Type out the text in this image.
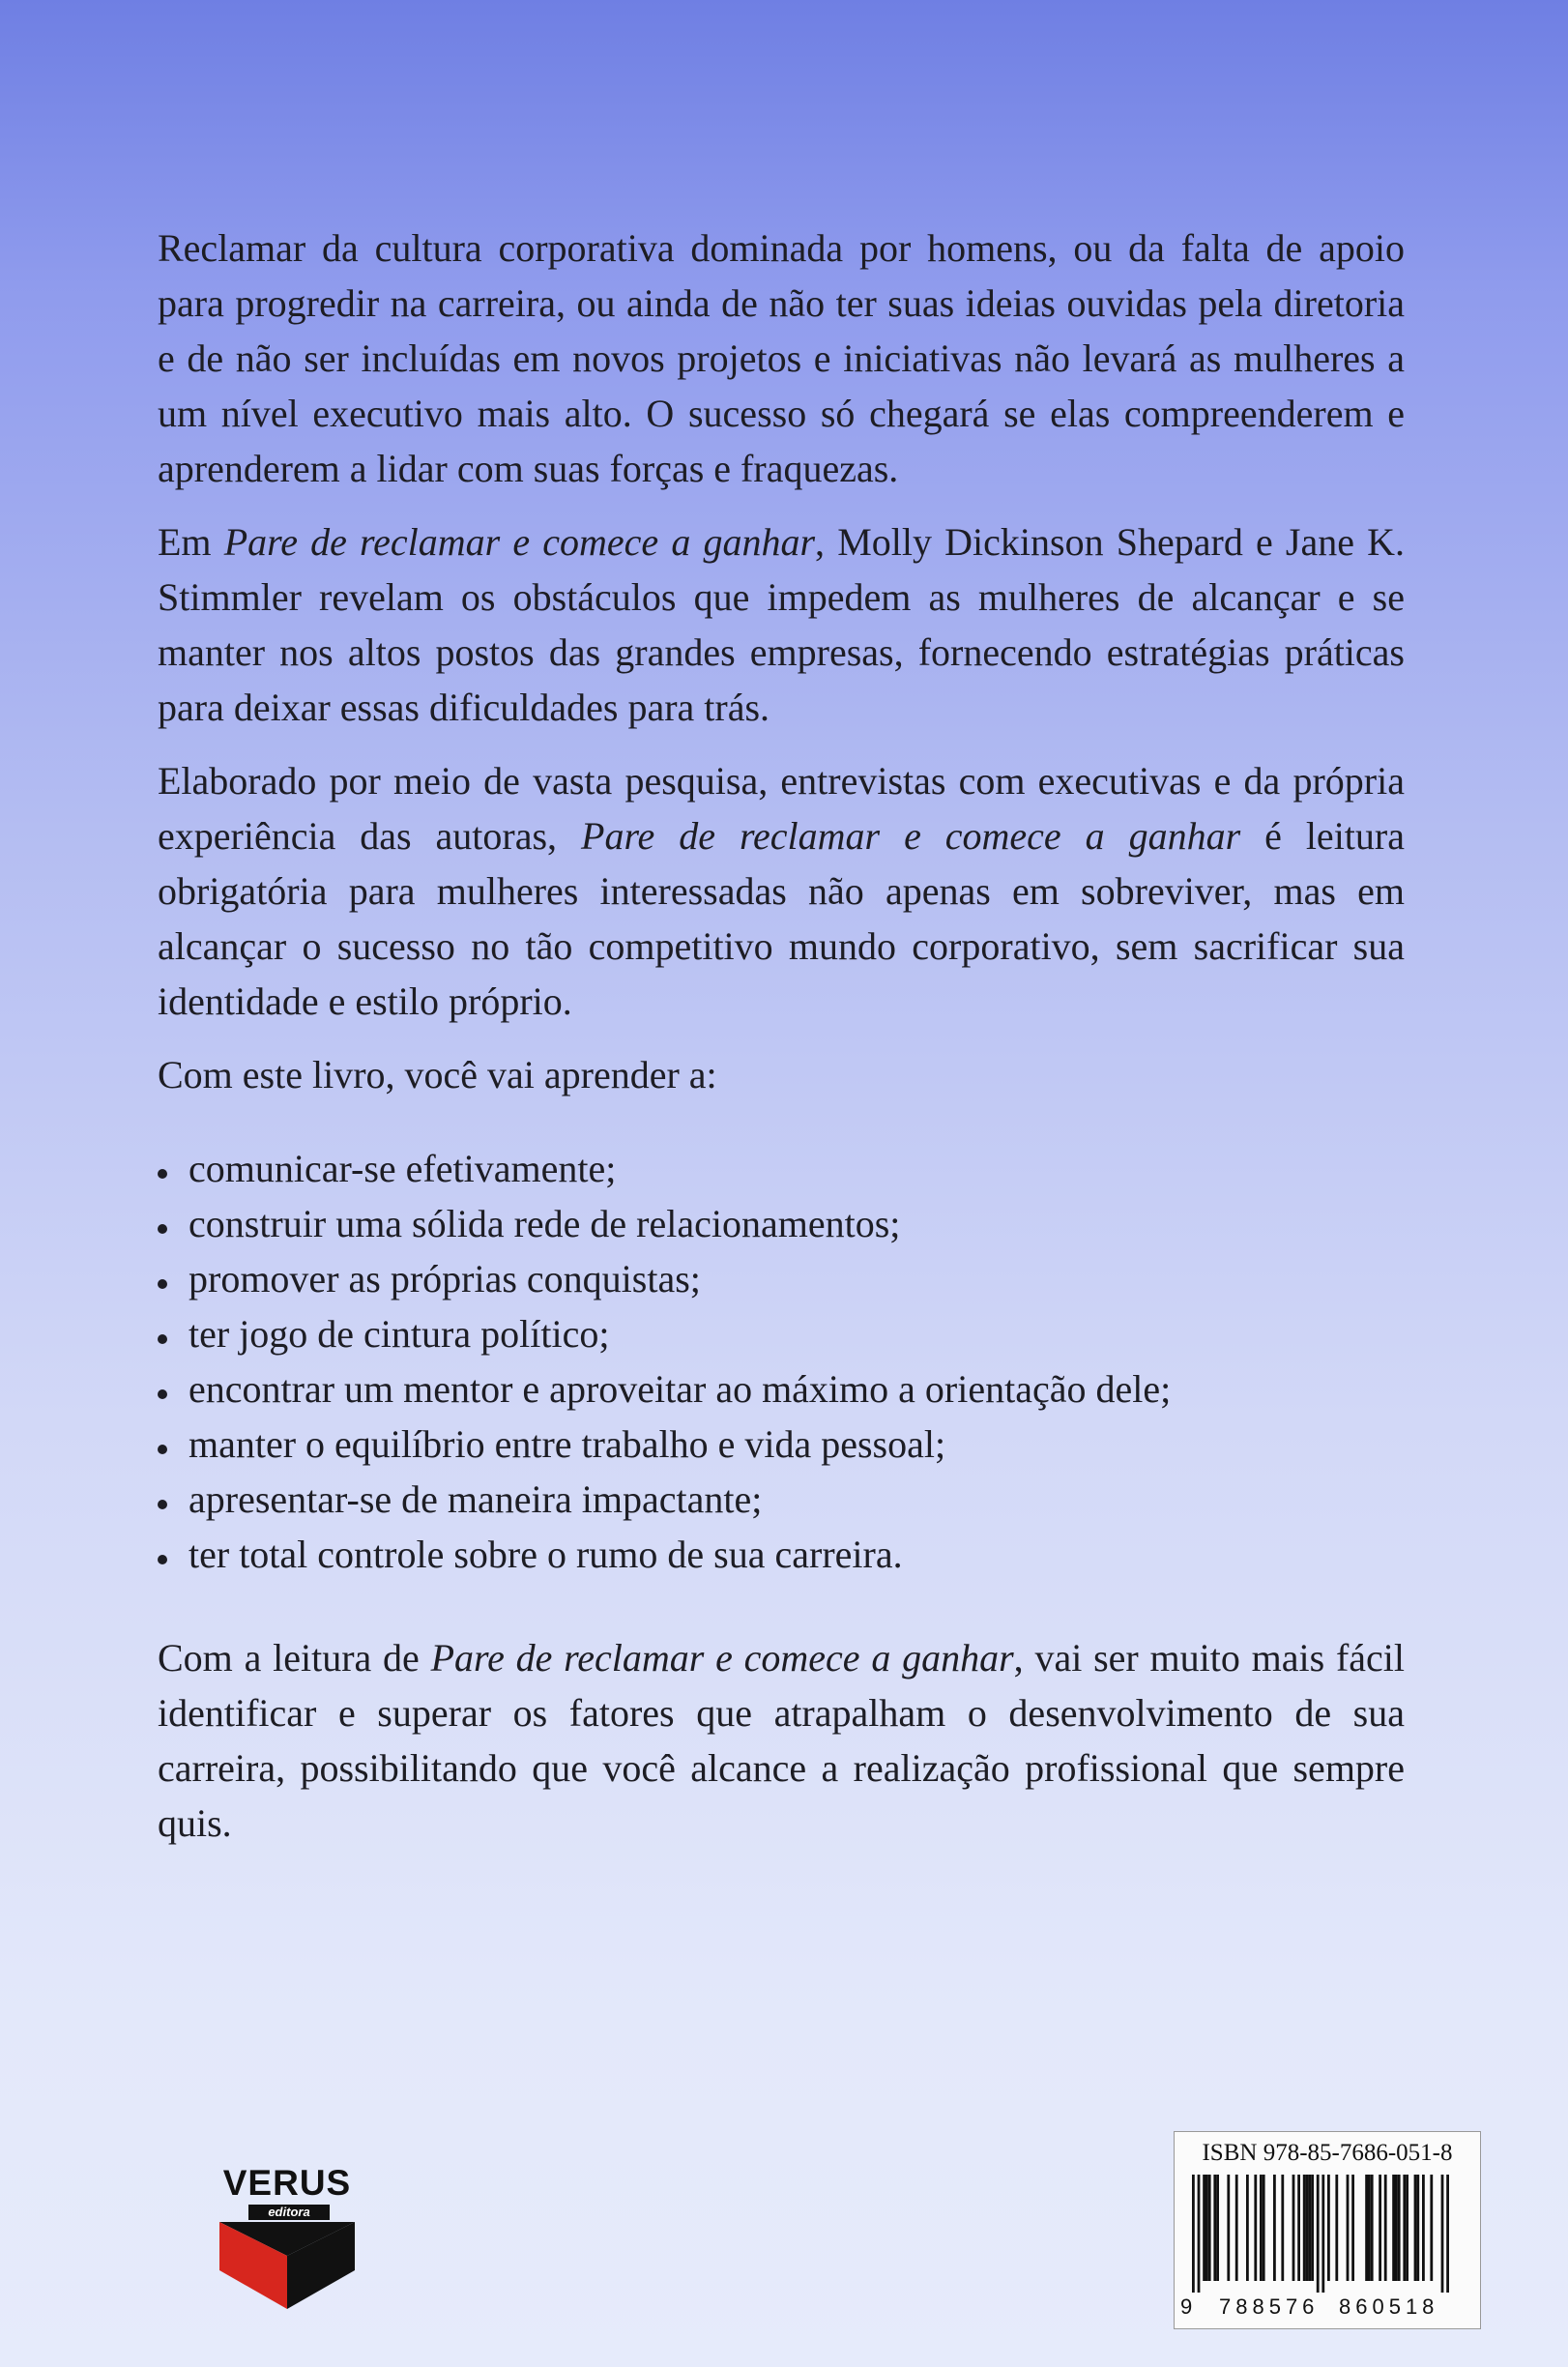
Reclamar da cultura corporativa dominada por homens, ou da falta de apoio para progredir na carreira, ou ainda de não ter suas ideias ouvidas pela diretoria e de não ser incluídas em novos projetos e iniciativas não levará as mulheres a um nível executivo mais alto. O sucesso só chegará se elas compreenderem e aprenderem a lidar com suas forças e fraquezas.

Em Pare de reclamar e comece a ganhar, Molly Dickinson Shepard e Jane K. Stimmler revelam os obstáculos que impedem as mulheres de alcançar e se manter nos altos postos das grandes empresas, fornecendo estratégias práticas para deixar essas dificuldades para trás.

Elaborado por meio de vasta pesquisa, entrevistas com executivas e da própria experiência das autoras, Pare de reclamar e comece a ganhar é leitura obrigatória para mulheres interessadas não apenas em sobreviver, mas em alcançar o sucesso no tão competitivo mundo corporativo, sem sacrificar sua identidade e estilo próprio.

Com este livro, você vai aprender a:

comunicar-se efetivamente;
construir uma sólida rede de relacionamentos;
promover as próprias conquistas;
ter jogo de cintura político;
encontrar um mentor e aproveitar ao máximo a orientação dele;
manter o equilíbrio entre trabalho e vida pessoal;
apresentar-se de maneira impactante;
ter total controle sobre o rumo de sua carreira.

Com a leitura de Pare de reclamar e comece a ganhar, vai ser muito mais fácil identificar e superar os fatores que atrapalham o desenvolvimento de sua carreira, possibilitando que você alcance a realização profissional que sempre quis.

VERUS
editora
ISBN 978-85-7686-051-8
9 788576 860518
